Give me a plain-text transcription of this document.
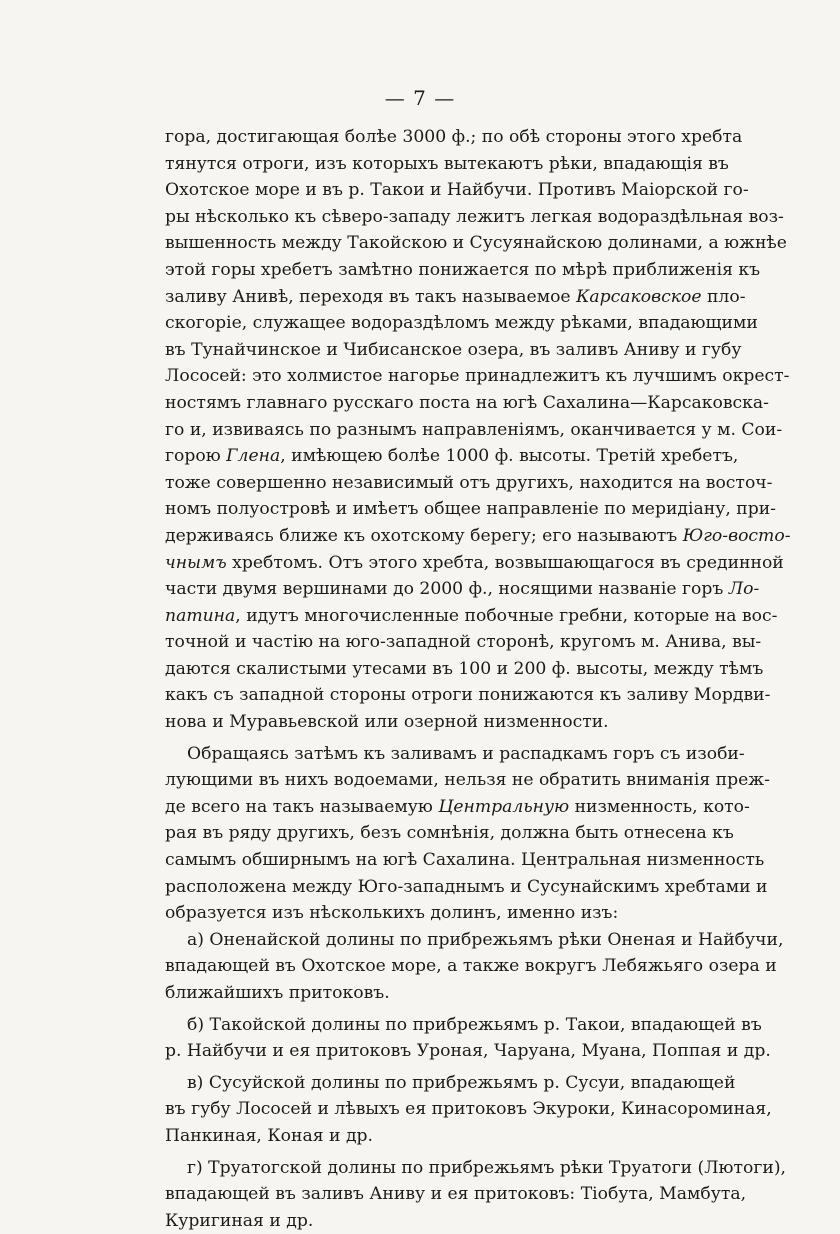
— 7 —
гора, достигающая болѣе 3000 ф.; по обѣ стороны этого хребта
тянутся отроги, изъ которыхъ вытекаютъ рѣки, впадающія въ
Охотское море и въ р. Такои и Найбучи. Противъ Маіорской го-
ры нѣсколько къ сѣверо-западу лежитъ легкая водораздѣльная воз-
вышенность между Такойскою и Сусуянайскою долинами, а южнѣе
этой горы хребетъ замѣтно понижается по мѣрѣ приближенія къ
заливу Анивѣ, переходя въ такъ называемое Карсаковское пло-
скогоріе, служащее водораздѣломъ между рѣками, впадающими
въ Тунайчинское и Чибисанское озера, въ заливъ Аниву и губу
Лососей: это холмистое нагорье принадлежитъ къ лучшимъ окрест-
ностямъ главнаго русскаго поста на югѣ Сахалина—Карсаковска-
го и, извиваясь по разнымъ направленіямъ, оканчивается у м. Сои-
горою Глена, имѣющею болѣе 1000 ф. высоты. Третій хребетъ,
тоже совершенно независимый отъ другихъ, находится на восточ-
номъ полуостровѣ и имѣетъ общее направленіе по меридіану, при-
держиваясь ближе къ охотскому берегу; его называютъ Юго-восто-
чнымъ хребтомъ. Отъ этого хребта, возвышающагося въ срединной
части двумя вершинами до 2000 ф., носящими названіе горъ Ло-
патина, идутъ многочисленные побочные гребни, которые на вос-
точной и частію на юго-западной сторонѣ, кругомъ м. Анива, вы-
даются скалистыми утесами въ 100 и 200 ф. высоты, между тѣмъ
какъ съ западной стороны отроги понижаются къ заливу Мордви-
нова и Муравьевской или озерной низменности.
Обращаясь затѣмъ къ заливамъ и распадкамъ горъ съ изоби-
лующими въ нихъ водоемами, нельзя не обратить вниманія преж-
де всего на такъ называемую Центральную низменность, кото-
рая въ ряду другихъ, безъ сомнѣнія, должна быть отнесена къ
самымъ обширнымъ на югѣ Сахалина. Центральная низменность
расположена между Юго-западнымъ и Сусунайскимъ хребтами и
образуется изъ нѣсколькихъ долинъ, именно изъ:
а) Оненайской долины по прибрежьямъ рѣки Оненая и Найбучи,
впадающей въ Охотское море, а также вокругъ Лебяжьяго озера и
ближайшихъ притоковъ.
б) Такойской долины по прибрежьямъ р. Такои, впадающей въ
р. Найбучи и ея притоковъ Уроная, Чаруана, Муана, Поппая и др.
в) Сусуйской долины по прибрежьямъ р. Сусуи, впадающей
въ губу Лососей и лѣвыхъ ея притоковъ Экуроки, Кинасороминая,
Панкиная, Коная и др.
г) Труатогской долины по прибрежьямъ рѣки Труатоги (Лютоги),
впадающей въ заливъ Аниву и ея притоковъ: Тіобута, Мамбута,
Куригиная и др.
